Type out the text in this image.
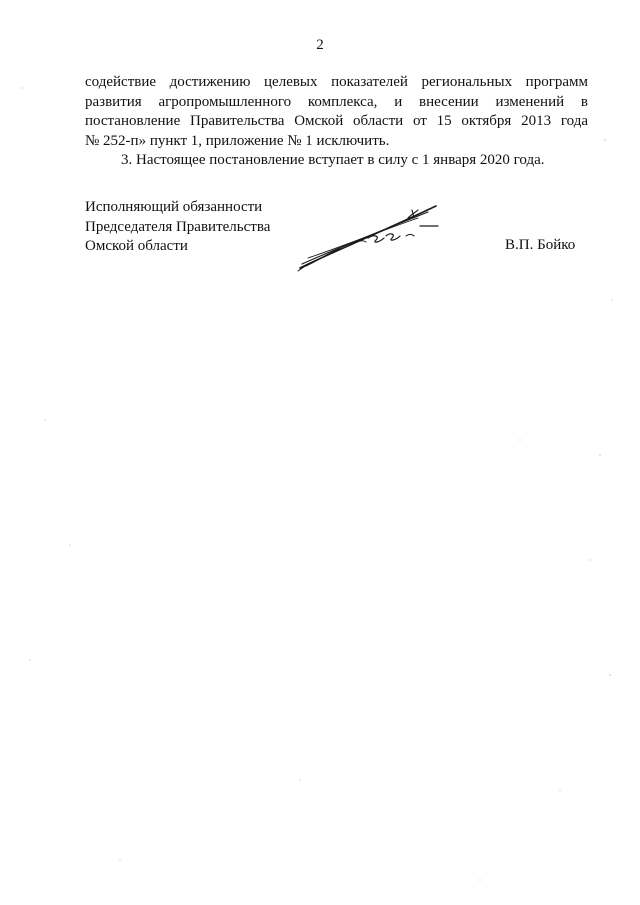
2
содействие достижению целевых показателей региональных программ
развития агропромышленного комплекса, и внесении изменений в
постановление Правительства Омской области от 15 октября 2013 года
№ 252-п» пункт 1, приложение № 1 исключить.
3. Настоящее постановление вступает в силу с 1 января 2020 года.
Исполняющий обязанности
Председателя Правительства
Омской области	В.П. Бойко
